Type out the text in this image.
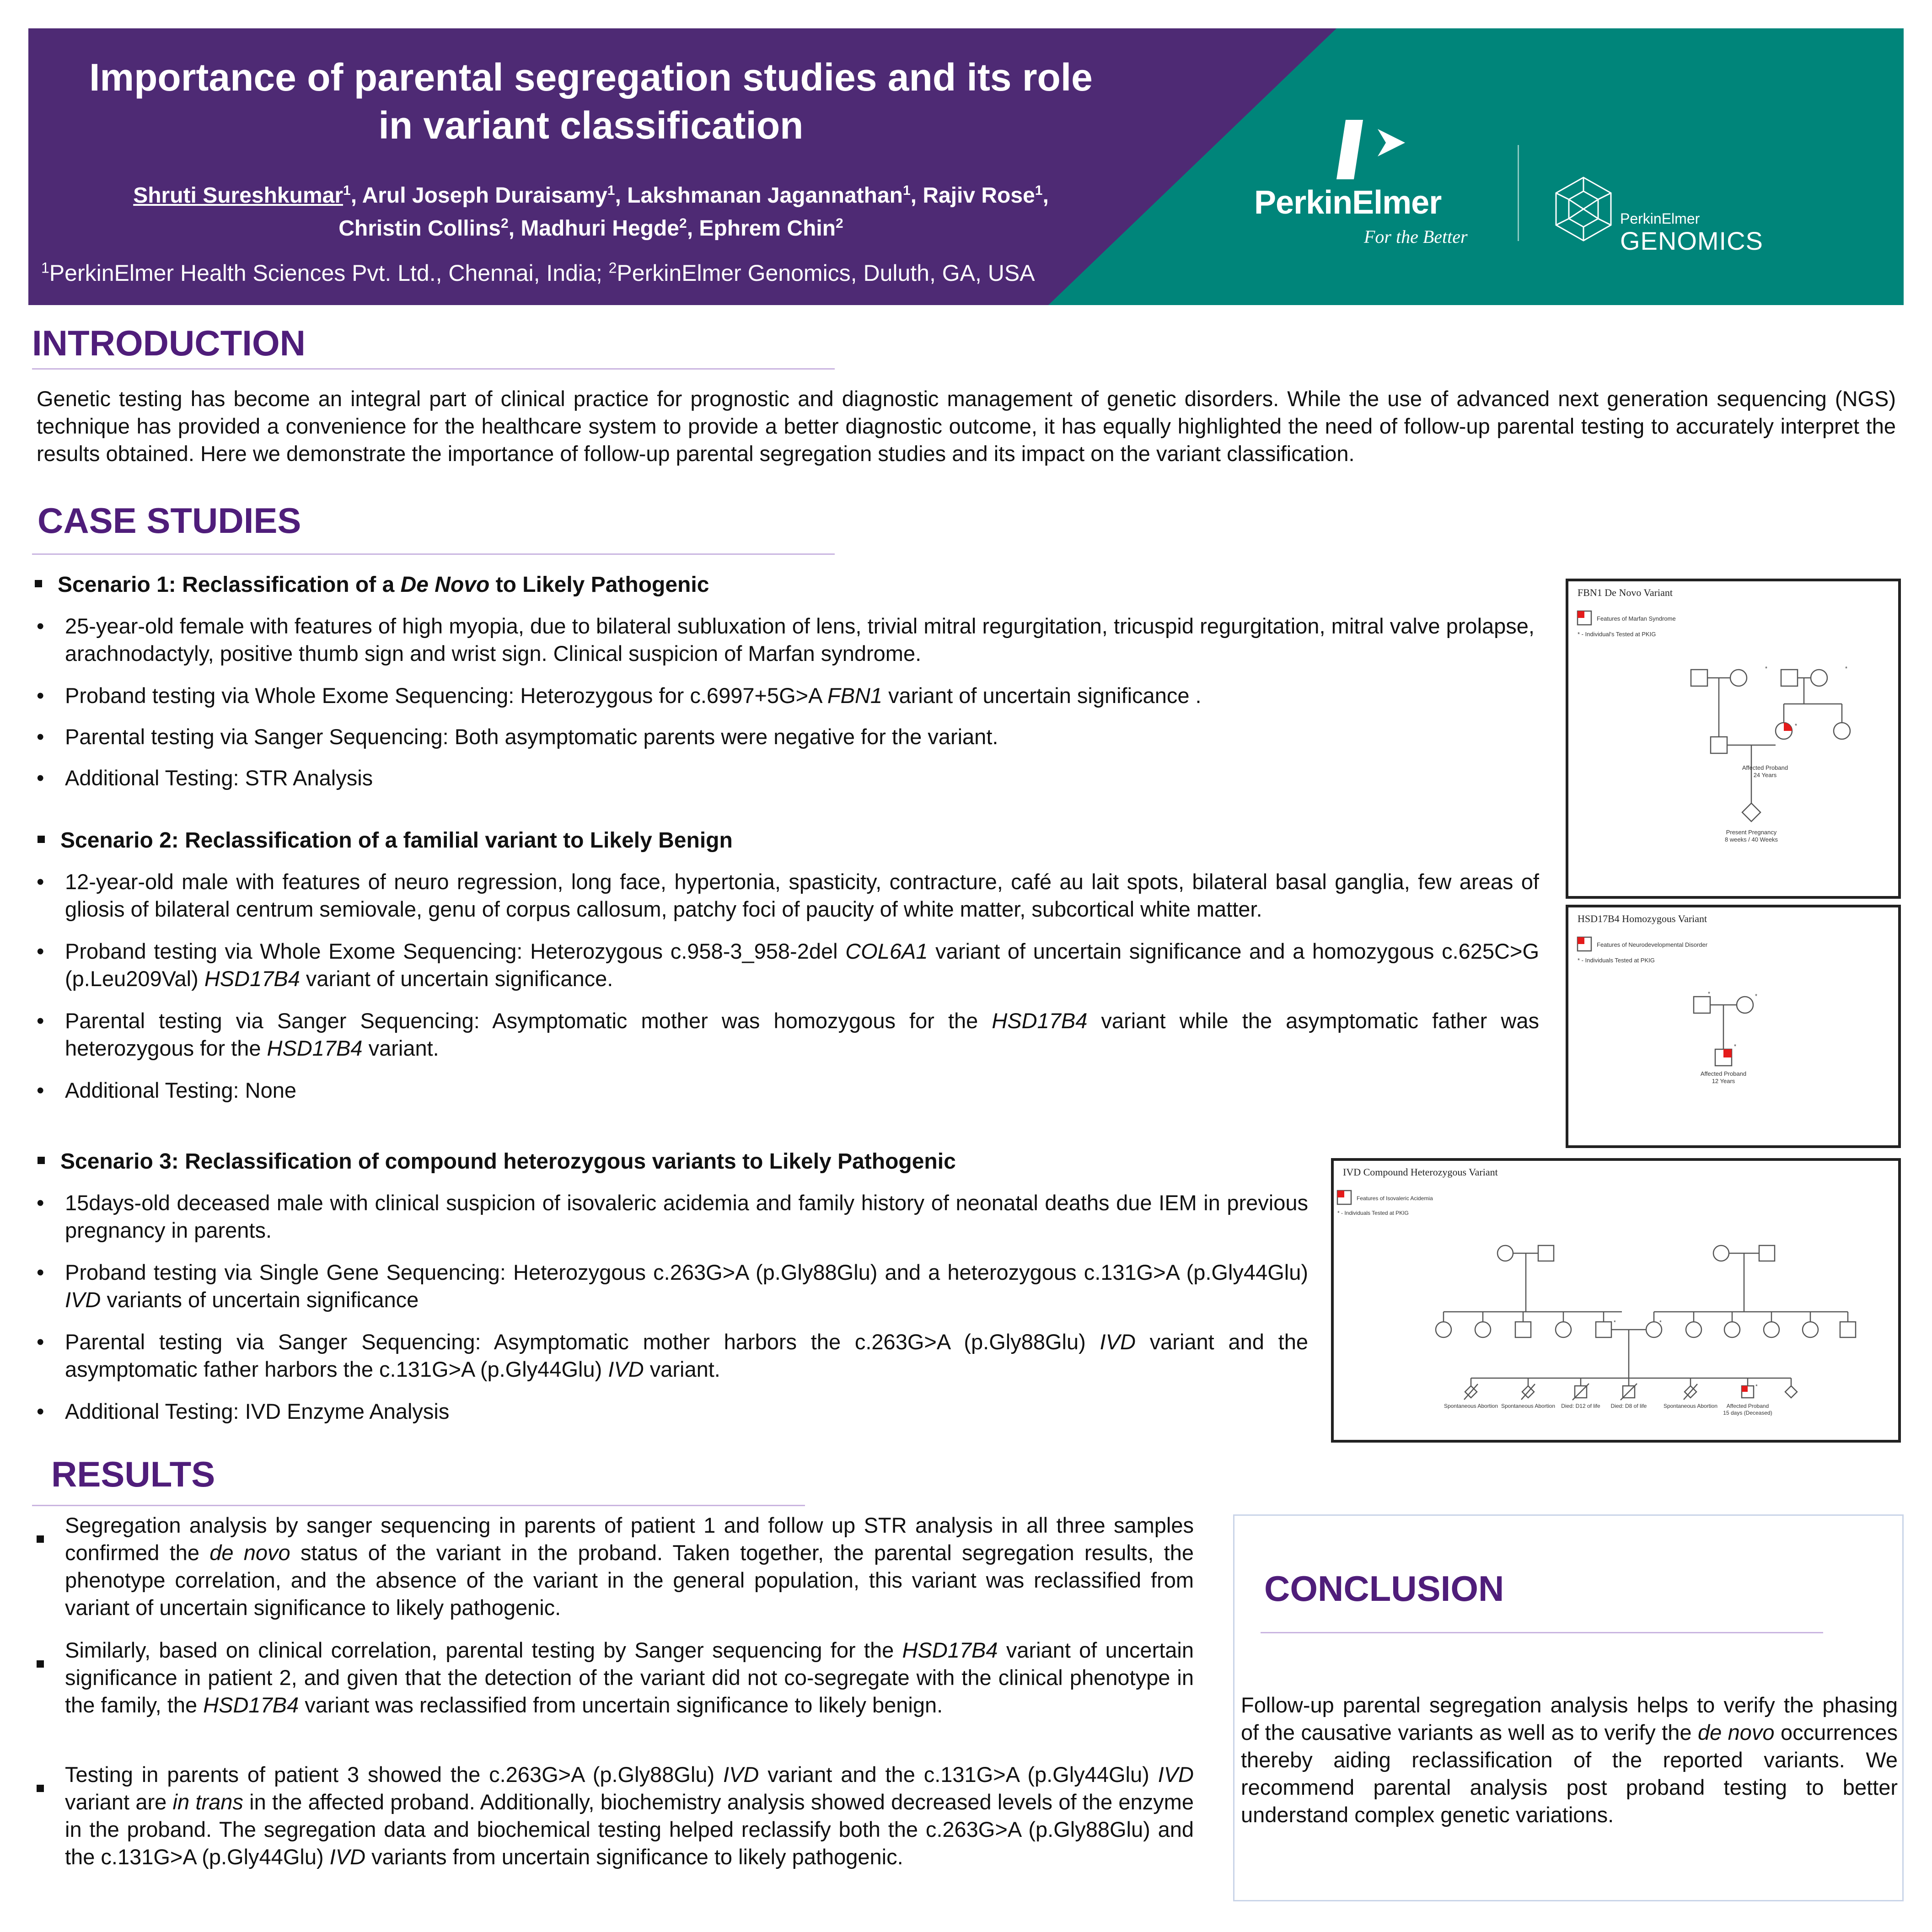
Importance of parental segregation studies and its role
in variant classification
Shruti Sureshkumar$^1$, Arul Joseph Duraisamy$^1$, Lakshmanan Jagannathan$^1$, Rajiv Rose$^1$,
Christin Collins$^2$, Madhuri Hegde$^2$, Ephrem Chin$^2$
$^1$PerkinElmer Health Sciences Pvt. Ltd., Chennai, India; $^2$PerkinElmer Genomics, Duluth, GA, USA
PerkinElmer
For the Better
PerkinElmer
GENOMICS
INTRODUCTION
Genetic testing has become an integral part of clinical practice for prognostic and diagnostic management of genetic disorders. While the use of advanced next generation sequencing (NGS) technique has provided a convenience for the healthcare system to provide a better diagnostic outcome, it has equally highlighted the need of follow-up parental testing to accurately interpret the results obtained. Here we demonstrate the importance of follow-up parental segregation studies and its impact on the variant classification.
CASE STUDIES
Scenario 1: Reclassification of a De Novo to Likely Pathogenic
• 25-year-old female with features of high myopia, due to bilateral subluxation of lens, trivial mitral regurgitation, tricuspid regurgitation, mitral valve prolapse, arachnodactyly, positive thumb sign and wrist sign. Clinical suspicion of Marfan syndrome.
• Proband testing via Whole Exome Sequencing: Heterozygous for c.6997+5G>A FBN1 variant of uncertain significance .
• Parental testing via Sanger Sequencing: Both asymptomatic parents were negative for the variant.
• Additional Testing: STR Analysis
Scenario 2: Reclassification of a familial variant to Likely Benign
• 12-year-old male with features of neuro regression, long face, hypertonia, spasticity, contracture, café au lait spots, bilateral basal ganglia, few areas of gliosis of bilateral centrum semiovale, genu of corpus callosum, patchy foci of paucity of white matter, subcortical white matter.
• Proband testing via Whole Exome Sequencing: Heterozygous c.958-3_958-2del COL6A1 variant of uncertain significance and a homozygous c.625C>G (p.Leu209Val) HSD17B4 variant of uncertain significance.
• Parental testing via Sanger Sequencing: Asymptomatic mother was homozygous for the HSD17B4 variant while the asymptomatic father was heterozygous for the HSD17B4 variant.
• Additional Testing: None
Scenario 3: Reclassification of compound heterozygous variants to Likely Pathogenic
• 15days-old deceased male with clinical suspicion of isovaleric acidemia and family history of neonatal deaths due IEM in previous pregnancy in parents.
• Proband testing via Single Gene Sequencing: Heterozygous c.263G>A (p.Gly88Glu) and a heterozygous c.131G>A (p.Gly44Glu) IVD variants of uncertain significance
• Parental testing via Sanger Sequencing: Asymptomatic mother harbors the c.263G>A (p.Gly88Glu) IVD variant and the asymptomatic father harbors the c.131G>A (p.Gly44Glu) IVD variant.
• Additional Testing: IVD Enzyme Analysis
FBN1 De Novo Variant
Features of Marfan Syndrome
* - Individual's Tested at PKIG
*	*
*
Affected Proband
24 Years
Present Pregnancy
8 weeks / 40 Weeks
HSD17B4 Homozygous Variant
Features of Neurodevelopmental Disorder
* - Individuals Tested at PKIG
*	*
*
Affected Proband
12 Years
IVD Compound Heterozygous Variant
Features of Isovaleric Acidemia
* - Individuals Tested at PKIG
*	*
*
Spontaneous Abortion Spontaneous Abortion Died: D12 of life Died: D8 of life	Spontaneous Abortion Affected Proband
15 days (Deceased)
RESULTS
Segregation analysis by sanger sequencing in parents of patient 1 and follow up STR analysis in all three samples confirmed the de novo status of the variant in the proband. Taken together, the parental segregation results, the phenotype correlation, and the absence of the variant in the general population, this variant was reclassified from variant of uncertain significance to likely pathogenic.
Similarly, based on clinical correlation, parental testing by Sanger sequencing for the HSD17B4 variant of uncertain significance in patient 2, and given that the detection of the variant did not co-segregate with the clinical phenotype in the family, the HSD17B4 variant was reclassified from uncertain significance to likely benign.
Testing in parents of patient 3 showed the c.263G>A (p.Gly88Glu) IVD variant and the c.131G>A (p.Gly44Glu) IVD variant are in trans in the affected proband. Additionally, biochemistry analysis showed decreased levels of the enzyme in the proband. The segregation data and biochemical testing helped reclassify both the c.263G>A (p.Gly88Glu) and the c.131G>A (p.Gly44Glu) IVD variants from uncertain significance to likely pathogenic.
CONCLUSION
Follow-up parental segregation analysis helps to verify the phasing of the causative variants as well as to verify the de novo occurrences thereby aiding reclassification of the reported variants. We recommend parental analysis post proband testing to better understand complex genetic variations.
